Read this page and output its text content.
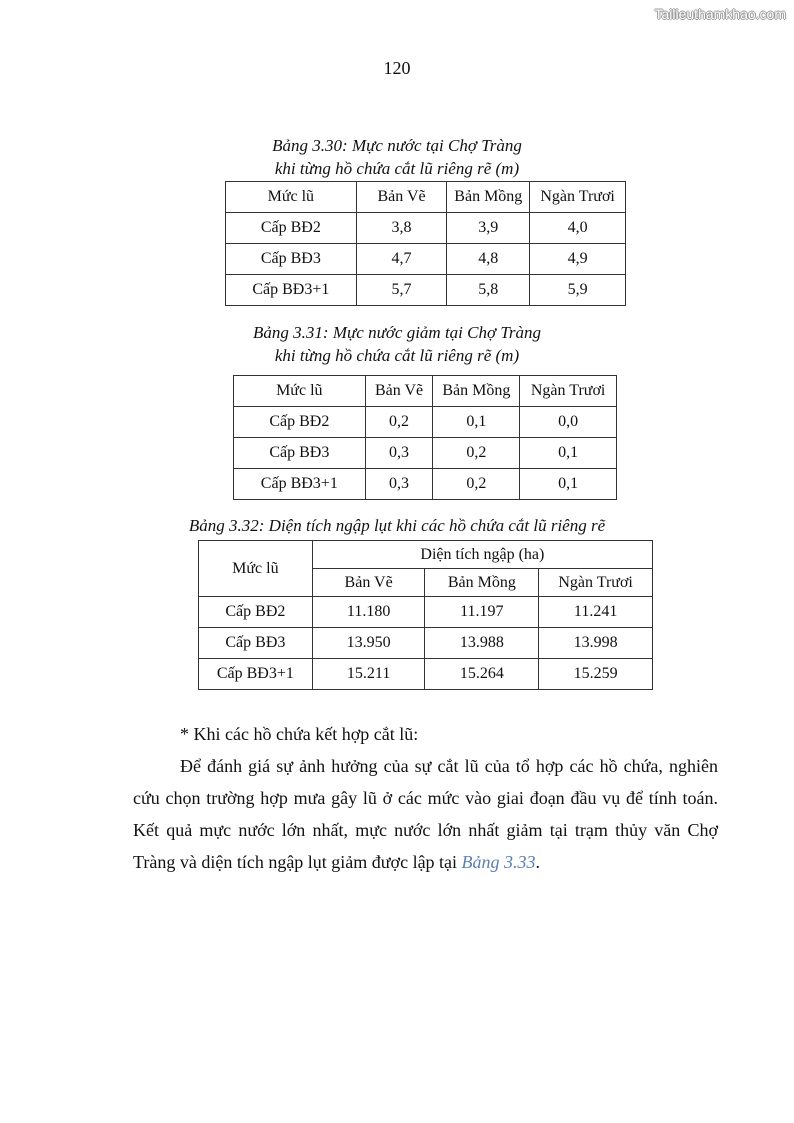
Tailieuthamkhao.com
120
Bảng 3.30: Mực nước tại Chợ Tràng
khi từng hồ chứa cắt lũ riêng rẽ (m)
Mức lũ	Bản Vẽ	Bản Mồng	Ngàn Trươi
Cấp BĐ2	3,8	3,9	4,0
Cấp BĐ3	4,7	4,8	4,9
Cấp BĐ3+1	5,7	5,8	5,9
Bảng 3.31: Mực nước giảm tại Chợ Tràng
khi từng hồ chứa cắt lũ riêng rẽ (m)
Mức lũ	Bản Vẽ	Bản Mồng	Ngàn Trươi
Cấp BĐ2	0,2	0,1	0,0
Cấp BĐ3	0,3	0,2	0,1
Cấp BĐ3+1	0,3	0,2	0,1
Bảng 3.32: Diện tích ngập lụt khi các hồ chứa cắt lũ riêng rẽ
Mức lũ	Diện tích ngập (ha)		
	Bản Vẽ	Bản Mồng	Ngàn Trươi
Cấp BĐ2	11.180	11.197	11.241
Cấp BĐ3	13.950	13.988	13.998
Cấp BĐ3+1	15.211	15.264	15.259
* Khi các hồ chứa kết hợp cắt lũ:
Để đánh giá sự ảnh hưởng của sự cắt lũ của tổ hợp các hồ chứa, nghiên cứu chọn trường hợp mưa gây lũ ở các mức vào giai đoạn đầu vụ để tính toán. Kết quả mực nước lớn nhất, mực nước lớn nhất giảm tại trạm thủy văn Chợ Tràng và diện tích ngập lụt giảm được lập tại Bảng 3.33.
